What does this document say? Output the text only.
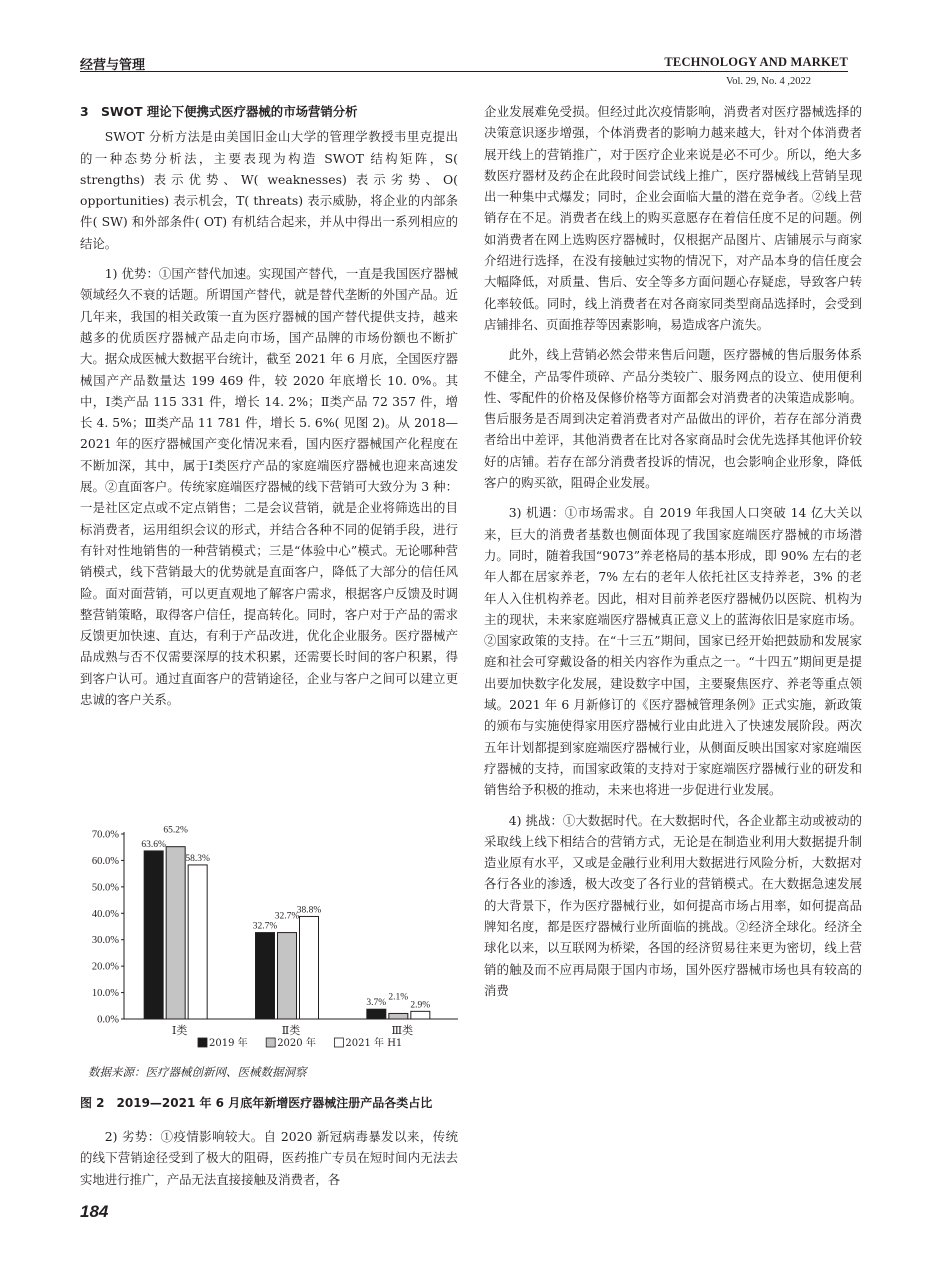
经营与管理	TECHNOLOGY AND MARKET
Vol. 29, No. 4 ,2022

3　SWOT 理论下便携式医疗器械的市场营销分析

SWOT 分析方法是由美国旧金山大学的管理学教授韦里克提出的一种态势分析法，主要表现为构造 SWOT 结构矩阵，S( strengths) 表示优势、W( weaknesses) 表示劣势、O( opportunities) 表示机会，T( threats) 表示威胁，将企业的内部条件( SW) 和外部条件( OT) 有机结合起来，并从中得出一系列相应的结论。

1) 优势：①国产替代加速。实现国产替代，一直是我国医疗器械领域经久不衰的话题。所谓国产替代，就是替代垄断的外国产品。近几年来，我国的相关政策一直为医疗器械的国产替代提供支持，越来越多的优质医疗器械产品走向市场，国产品牌的市场份额也不断扩大。据众成医械大数据平台统计，截至 2021 年 6 月底，全国医疗器械国产产品数量达 199 469 件，较 2020 年底增长 10. 0%。其中，Ⅰ类产品 115 331 件，增长 14. 2%；Ⅱ类产品 72 357 件，增长 4. 5%；Ⅲ类产品 11 781 件，增长 5. 6%( 见图 2)。从 2018—2021 年的医疗器械国产变化情况来看，国内医疗器械国产化程度在不断加深，其中，属于Ⅰ类医疗产品的家庭端医疗器械也迎来高速发展。②直面客户。传统家庭端医疗器械的线下营销可大致分为 3 种：一是社区定点或不定点销售；二是会议营销，就是企业将筛选出的目标消费者，运用组织会议的形式，并结合各种不同的促销手段，进行有针对性地销售的一种营销模式；三是“体验中心”模式。无论哪种营销模式，线下营销最大的优势就是直面客户，降低了大部分的信任风险。面对面营销，可以更直观地了解客户需求，根据客户反馈及时调整营销策略，取得客户信任，提高转化。同时，客户对于产品的需求反馈更加快速、直达，有利于产品改进，优化企业服务。医疗器械产品成熟与否不仅需要深厚的技术积累，还需要长时间的客户积累，得到客户认可。通过直面客户的营销途径，企业与客户之间可以建立更忠诚的客户关系。

0.0%
10.0%
20.0%
30.0%
40.0%
50.0%
60.0%
70.0%
63.6%
65.2%
58.3%
Ⅰ类
32.7%
32.7%
38.8%
Ⅱ类
3.7%
2.1%
2.9%
Ⅲ类
2019 年	2020 年	2021 年 H1
数据来源：医疗器械创新网、医械数据洞察
图 2　2019—2021 年 6 月底年新增医疗器械注册产品各类占比

2) 劣势：①疫情影响较大。自 2020 新冠病毒暴发以来，传统的线下营销途径受到了极大的阻碍，医药推广专员在短时间内无法去实地进行推广，产品无法直接接触及消费者，各

企业发展难免受损。但经过此次疫情影响，消费者对医疗器械选择的决策意识逐步增强，个体消费者的影响力越来越大，针对个体消费者展开线上的营销推广，对于医疗企业来说是必不可少。所以，绝大多数医疗器材及药企在此段时间尝试线上推广，医疗器械线上营销呈现出一种集中式爆发；同时，企业会面临大量的潜在竞争者。②线上营销存在不足。消费者在线上的购买意愿存在着信任度不足的问题。例如消费者在网上选购医疗器械时，仅根据产品图片、店铺展示与商家介绍进行选择，在没有接触过实物的情况下，对产品本身的信任度会大幅降低，对质量、售后、安全等多方面问题心存疑虑，导致客户转化率较低。同时，线上消费者在对各商家同类型商品选择时，会受到店铺排名、页面推荐等因素影响，易造成客户流失。

此外，线上营销必然会带来售后问题，医疗器械的售后服务体系不健全，产品零件琐碎、产品分类较广、服务网点的设立、使用便利性、零配件的价格及保修价格等方面都会对消费者的决策造成影响。售后服务是否周到决定着消费者对产品做出的评价，若存在部分消费者给出中差评，其他消费者在比对各家商品时会优先选择其他评价较好的店铺。若存在部分消费者投诉的情况，也会影响企业形象，降低客户的购买欲，阻碍企业发展。

3) 机遇：①市场需求。自 2019 年我国人口突破 14 亿大关以来，巨大的消费者基数也侧面体现了我国家庭端医疗器械的市场潜力。同时，随着我国“9073”养老格局的基本形成，即 90% 左右的老年人都在居家养老，7% 左右的老年人依托社区支持养老，3% 的老年人入住机构养老。因此，相对目前养老医疗器械仍以医院、机构为主的现状，未来家庭端医疗器械真正意义上的蓝海依旧是家庭市场。②国家政策的支持。在“十三五”期间，国家已经开始把鼓励和发展家庭和社会可穿戴设备的相关内容作为重点之一。“十四五”期间更是提出要加快数字化发展，建设数字中国，主要聚焦医疗、养老等重点领域。2021 年 6 月新修订的《医疗器械管理条例》正式实施，新政策的颁布与实施使得家用医疗器械行业由此进入了快速发展阶段。两次五年计划都提到家庭端医疗器械行业，从侧面反映出国家对家庭端医疗器械的支持，而国家政策的支持对于家庭端医疗器械行业的研发和销售给予积极的推动，未来也将进一步促进行业发展。

4) 挑战：①大数据时代。在大数据时代，各企业都主动或被动的采取线上线下相结合的营销方式，无论是在制造业利用大数据提升制造业原有水平，又或是金融行业利用大数据进行风险分析，大数据对各行各业的渗透，极大改变了各行业的营销模式。在大数据急速发展的大背景下，作为医疗器械行业，如何提高市场占用率，如何提高品牌知名度，都是医疗器械行业所面临的挑战。②经济全球化。经济全球化以来，以互联网为桥梁，各国的经济贸易往来更为密切，线上营销的触及而不应再局限于国内市场，国外医疗器械市场也具有较高的消费

184
